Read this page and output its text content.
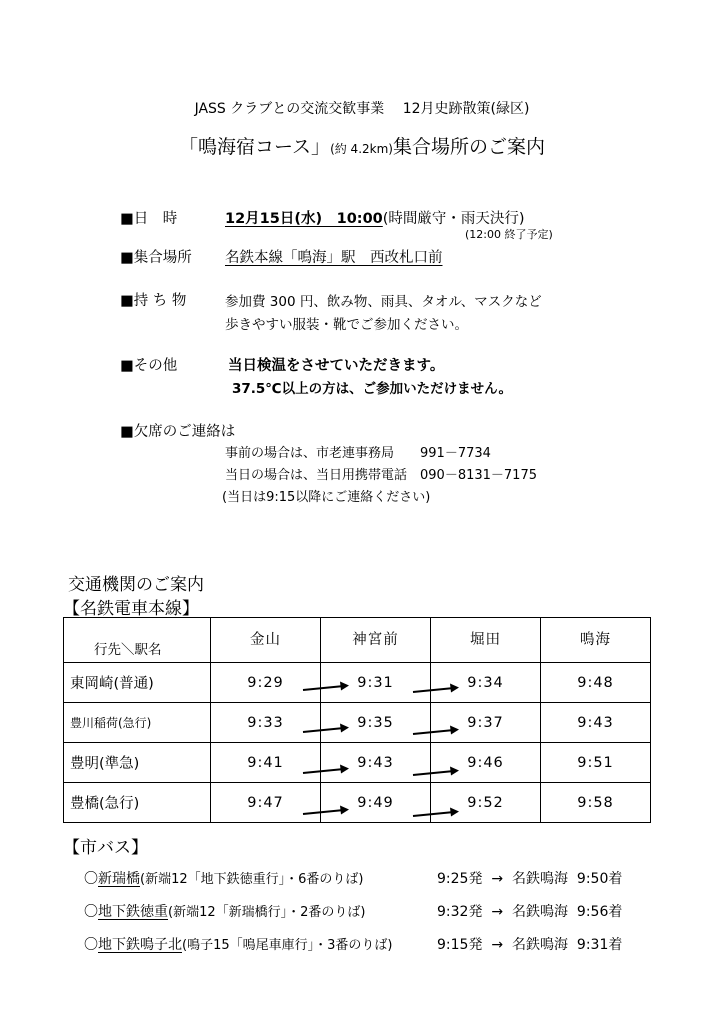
JASS クラブとの交流交歓事業　 12月史跡散策(緑区)
「鳴海宿コース」(約 4.2km)集合場所のご案内
■日　時	12月15日(水)　10:00(時間厳守・雨天決行)
(12:00 終了予定)
■集合場所 名鉄本線「鳴海」駅　西改札口前
■持 ち 物	参加費 300 円、飲み物、雨具、タオル、マスクなど
歩きやすい服装・靴でご参加ください。
■その他	当日検温をさせていただきます。
37.5℃以上の方は、ご参加いただけません。
■欠席のご連絡は
事前の場合は、市老連事務局　　991－7734
当日の場合は、当日用携帯電話　090－8131－7175
(当日は9:15以降にご連絡ください)
交通機関のご案内
【名鉄電車本線】
行先＼駅名	金山	神宮前	堀田	鳴海
東岡崎(普通)	9:29	9:31	9:34	9:48
豊川稲荷(急行)	9:33	9:35	9:37	9:43
豊明(準急)	9:41	9:43	9:46	9:51
豊橋(急行)	9:47	9:49	9:52	9:58
【市バス】
〇新瑞橋(新端12「地下鉄徳重行」・6番のりば)	9:25発 → 名鉄鳴海 9:50着
〇地下鉄徳重(新端12「新瑞橋行」・2番のりば)	9:32発 → 名鉄鳴海 9:56着
〇地下鉄鳴子北(鳴子15「鳴尾車庫行」・3番のりば)	9:15発 → 名鉄鳴海 9:31着
